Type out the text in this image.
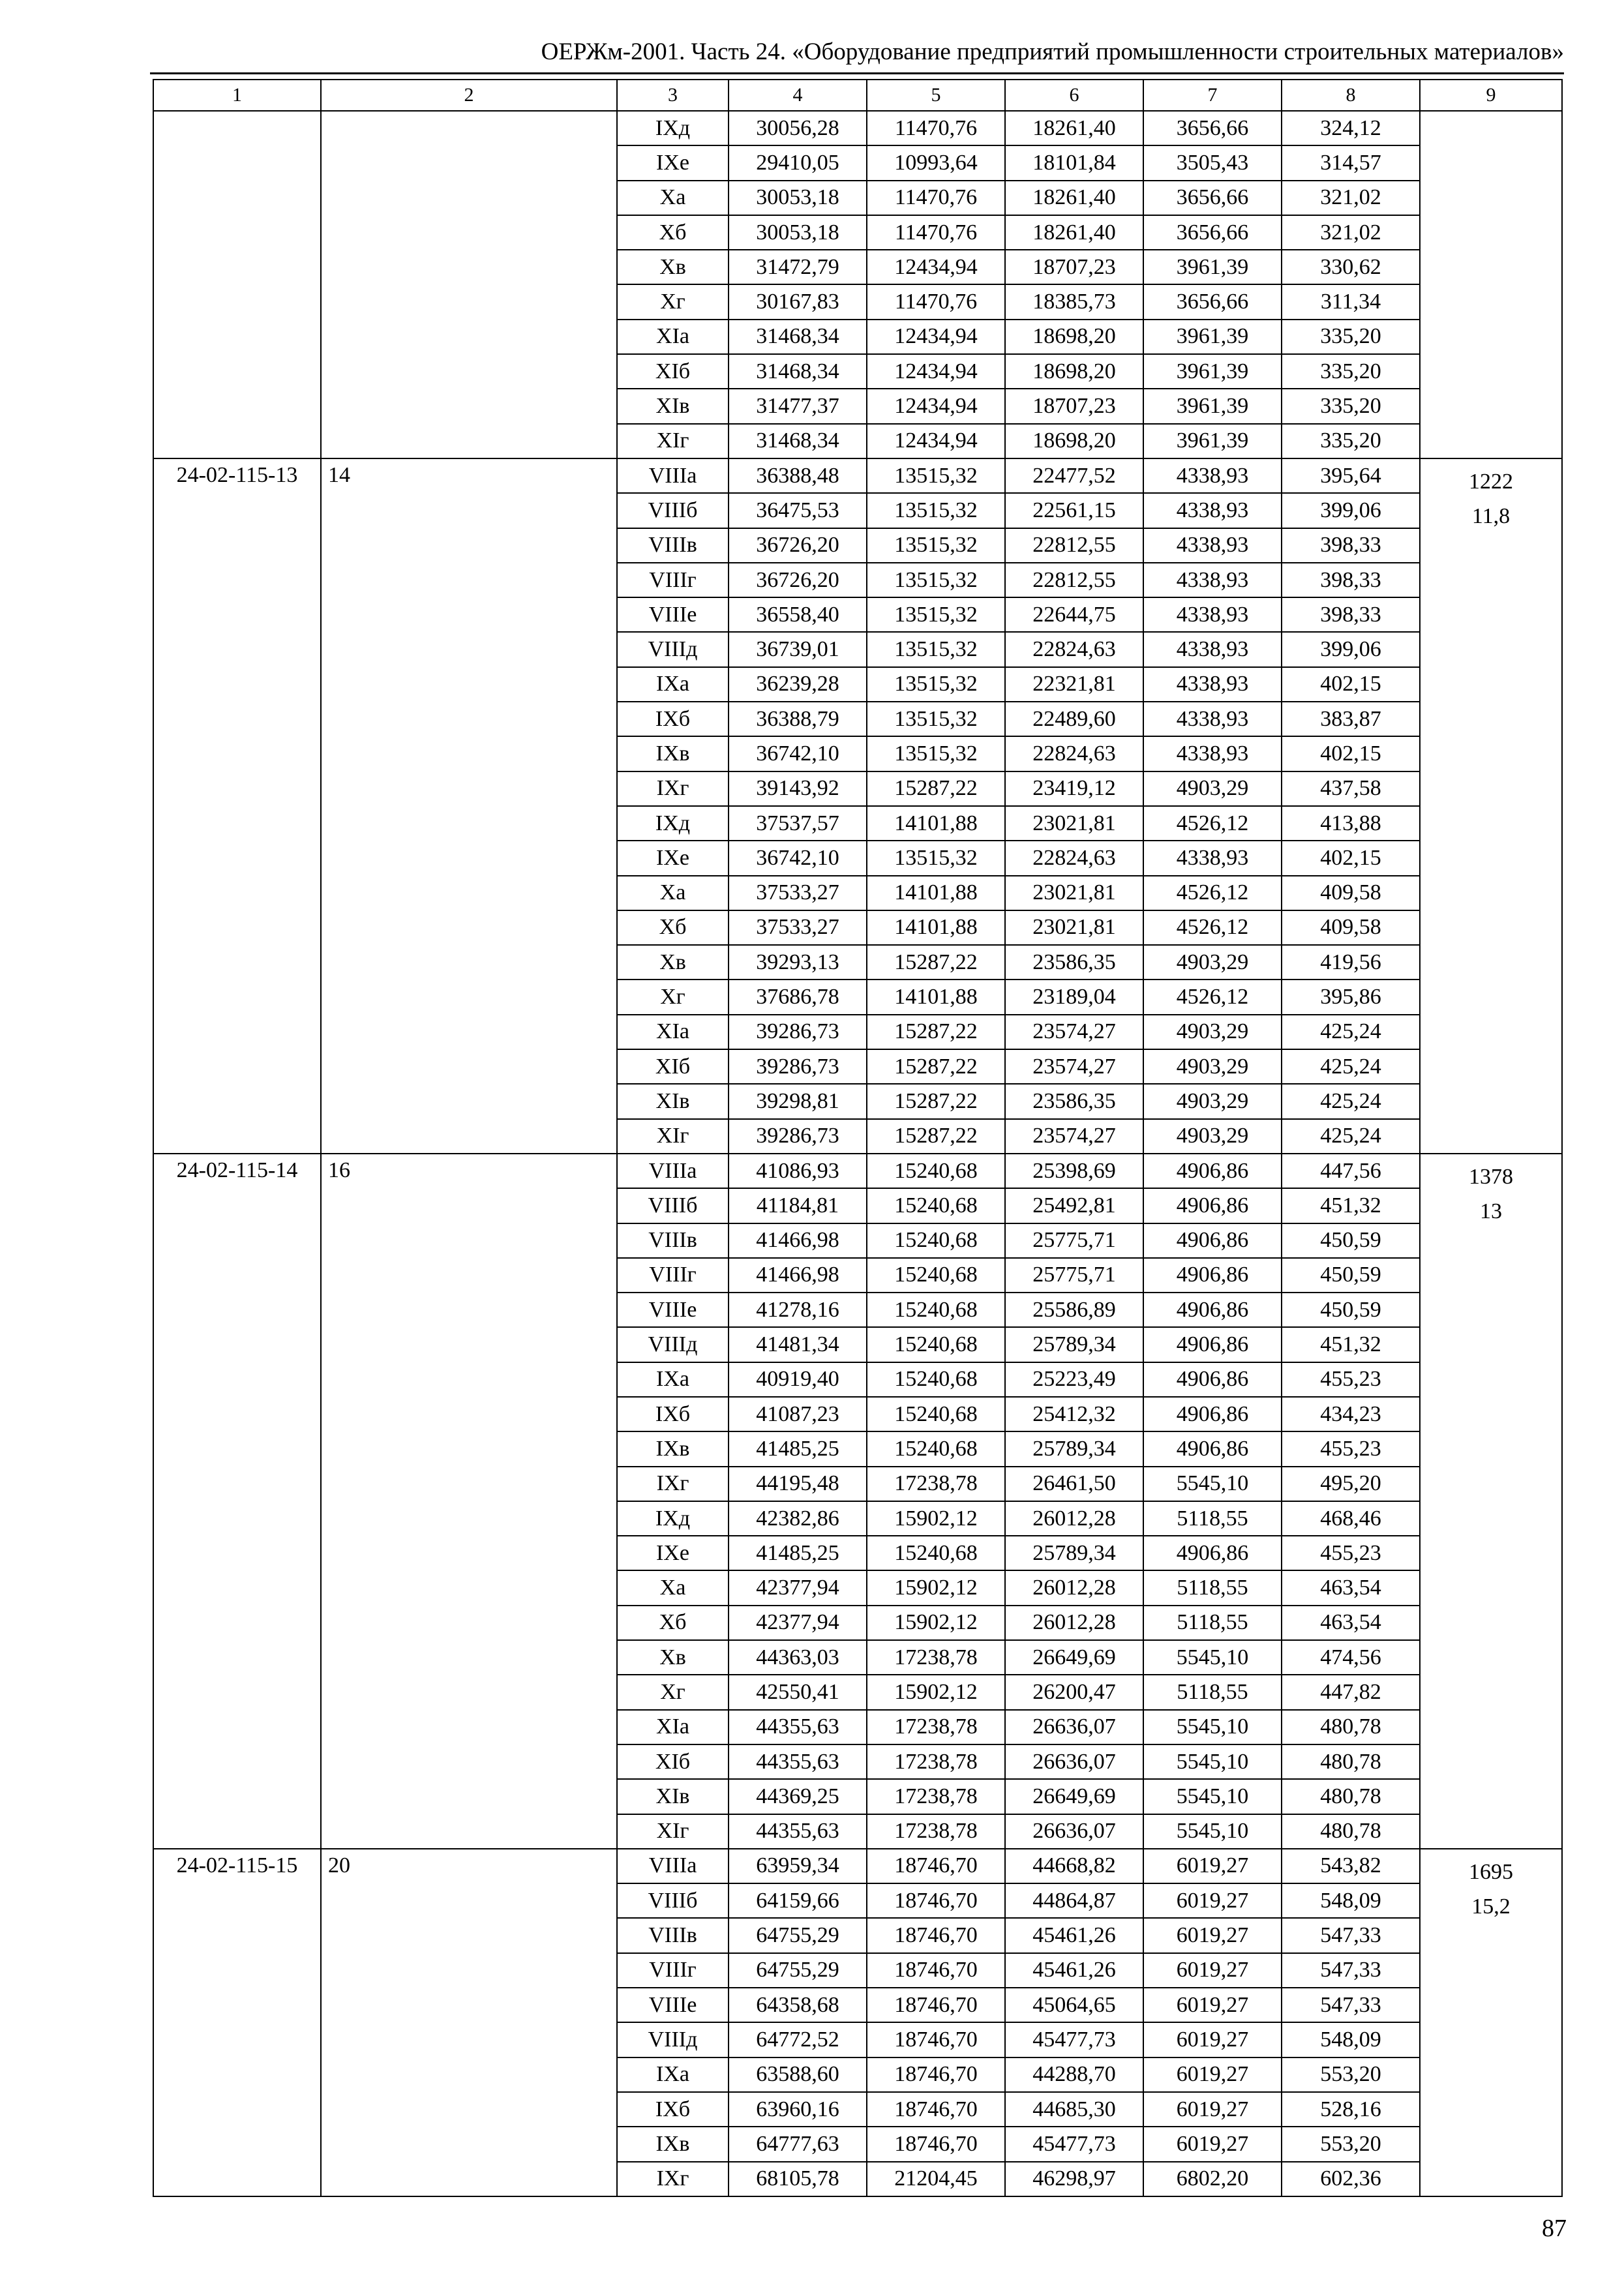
ОЕРЖм-2001. Часть 24. «Оборудование предприятий промышленности строительных материалов»
1	2	3	4	5	6	7	8	9
		IXд	30056,28	11470,76	18261,40	3656,66	324,12	
		IXе	29410,05	10993,64	18101,84	3505,43	314,57	
		Xа	30053,18	11470,76	18261,40	3656,66	321,02	
		Xб	30053,18	11470,76	18261,40	3656,66	321,02	
		Xв	31472,79	12434,94	18707,23	3961,39	330,62	
		Xг	30167,83	11470,76	18385,73	3656,66	311,34	
		XIа	31468,34	12434,94	18698,20	3961,39	335,20	
		XIб	31468,34	12434,94	18698,20	3961,39	335,20	
		XIв	31477,37	12434,94	18707,23	3961,39	335,20	
		XIг	31468,34	12434,94	18698,20	3961,39	335,20	
24-02-115-13	14	VIIIа	36388,48	13515,32	22477,52	4338,93	395,64	1222
11,8

		VIIIб	36475,53	13515,32	22561,15	4338,93	399,06	
		VIIIв	36726,20	13515,32	22812,55	4338,93	398,33	
		VIIIг	36726,20	13515,32	22812,55	4338,93	398,33	
		VIIIе	36558,40	13515,32	22644,75	4338,93	398,33	
		VIIIд	36739,01	13515,32	22824,63	4338,93	399,06	
		IXа	36239,28	13515,32	22321,81	4338,93	402,15	
		IXб	36388,79	13515,32	22489,60	4338,93	383,87	
		IXв	36742,10	13515,32	22824,63	4338,93	402,15	
		IXг	39143,92	15287,22	23419,12	4903,29	437,58	
		IXд	37537,57	14101,88	23021,81	4526,12	413,88	
		IXе	36742,10	13515,32	22824,63	4338,93	402,15	
		Xа	37533,27	14101,88	23021,81	4526,12	409,58	
		Xб	37533,27	14101,88	23021,81	4526,12	409,58	
		Xв	39293,13	15287,22	23586,35	4903,29	419,56	
		Xг	37686,78	14101,88	23189,04	4526,12	395,86	
		XIа	39286,73	15287,22	23574,27	4903,29	425,24	
		XIб	39286,73	15287,22	23574,27	4903,29	425,24	
		XIв	39298,81	15287,22	23586,35	4903,29	425,24	
		XIг	39286,73	15287,22	23574,27	4903,29	425,24	
24-02-115-14	16	VIIIа	41086,93	15240,68	25398,69	4906,86	447,56	1378
13

		VIIIб	41184,81	15240,68	25492,81	4906,86	451,32	
		VIIIв	41466,98	15240,68	25775,71	4906,86	450,59	
		VIIIг	41466,98	15240,68	25775,71	4906,86	450,59	
		VIIIе	41278,16	15240,68	25586,89	4906,86	450,59	
		VIIIд	41481,34	15240,68	25789,34	4906,86	451,32	
		IXа	40919,40	15240,68	25223,49	4906,86	455,23	
		IXб	41087,23	15240,68	25412,32	4906,86	434,23	
		IXв	41485,25	15240,68	25789,34	4906,86	455,23	
		IXг	44195,48	17238,78	26461,50	5545,10	495,20	
		IXд	42382,86	15902,12	26012,28	5118,55	468,46	
		IXе	41485,25	15240,68	25789,34	4906,86	455,23	
		Xа	42377,94	15902,12	26012,28	5118,55	463,54	
		Xб	42377,94	15902,12	26012,28	5118,55	463,54	
		Xв	44363,03	17238,78	26649,69	5545,10	474,56	
		Xг	42550,41	15902,12	26200,47	5118,55	447,82	
		XIа	44355,63	17238,78	26636,07	5545,10	480,78	
		XIб	44355,63	17238,78	26636,07	5545,10	480,78	
		XIв	44369,25	17238,78	26649,69	5545,10	480,78	
		XIг	44355,63	17238,78	26636,07	5545,10	480,78	
24-02-115-15	20	VIIIа	63959,34	18746,70	44668,82	6019,27	543,82	1695
15,2

		VIIIб	64159,66	18746,70	44864,87	6019,27	548,09	
		VIIIв	64755,29	18746,70	45461,26	6019,27	547,33	
		VIIIг	64755,29	18746,70	45461,26	6019,27	547,33	
		VIIIе	64358,68	18746,70	45064,65	6019,27	547,33	
		VIIIд	64772,52	18746,70	45477,73	6019,27	548,09	
		IXа	63588,60	18746,70	44288,70	6019,27	553,20	
		IXб	63960,16	18746,70	44685,30	6019,27	528,16	
		IXв	64777,63	18746,70	45477,73	6019,27	553,20	
		IXг	68105,78	21204,45	46298,97	6802,20	602,36	
87
